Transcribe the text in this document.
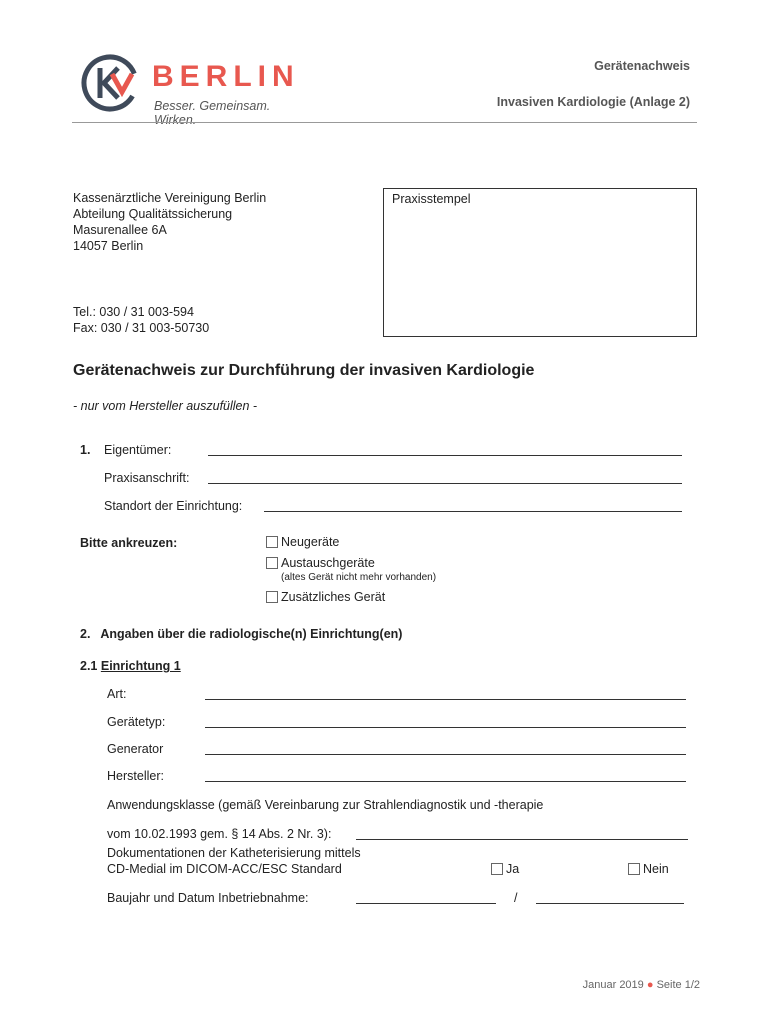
BERLIN
Besser. Gemeinsam. Wirken.
Gerätenachweis
Invasiven Kardiologie (Anlage 2)
Kassenärztliche Vereinigung Berlin
Abteilung Qualitätssicherung
Masurenallee 6A
14057 Berlin
Tel.: 030 / 31 003-594
Fax: 030 / 31 003-50730
Praxisstempel
Gerätenachweis zur Durchführung der invasiven Kardiologie
- nur vom Hersteller auszufüllen -
1. Eigentümer:
Praxisanschrift:
Standort der Einrichtung:
Bitte ankreuzen:	Neugeräte
Austauschgeräte
(altes Gerät nicht mehr vorhanden)
Zusätzliches Gerät
2.   Angaben über die radiologische(n) Einrichtung(en)
2.1 Einrichtung 1
Art:
Gerätetyp:
Generator
Hersteller:
Anwendungsklasse (gemäß Vereinbarung zur Strahlendiagnostik und -therapie
vom 10.02.1993 gem. § 14 Abs. 2 Nr. 3):
Dokumentationen der Katheterisierung mittels
CD-Medial im DICOM-ACC/ESC Standard	Ja	Nein
Baujahr und Datum Inbetriebnahme:	/
Januar 2019 ● Seite 1/2
